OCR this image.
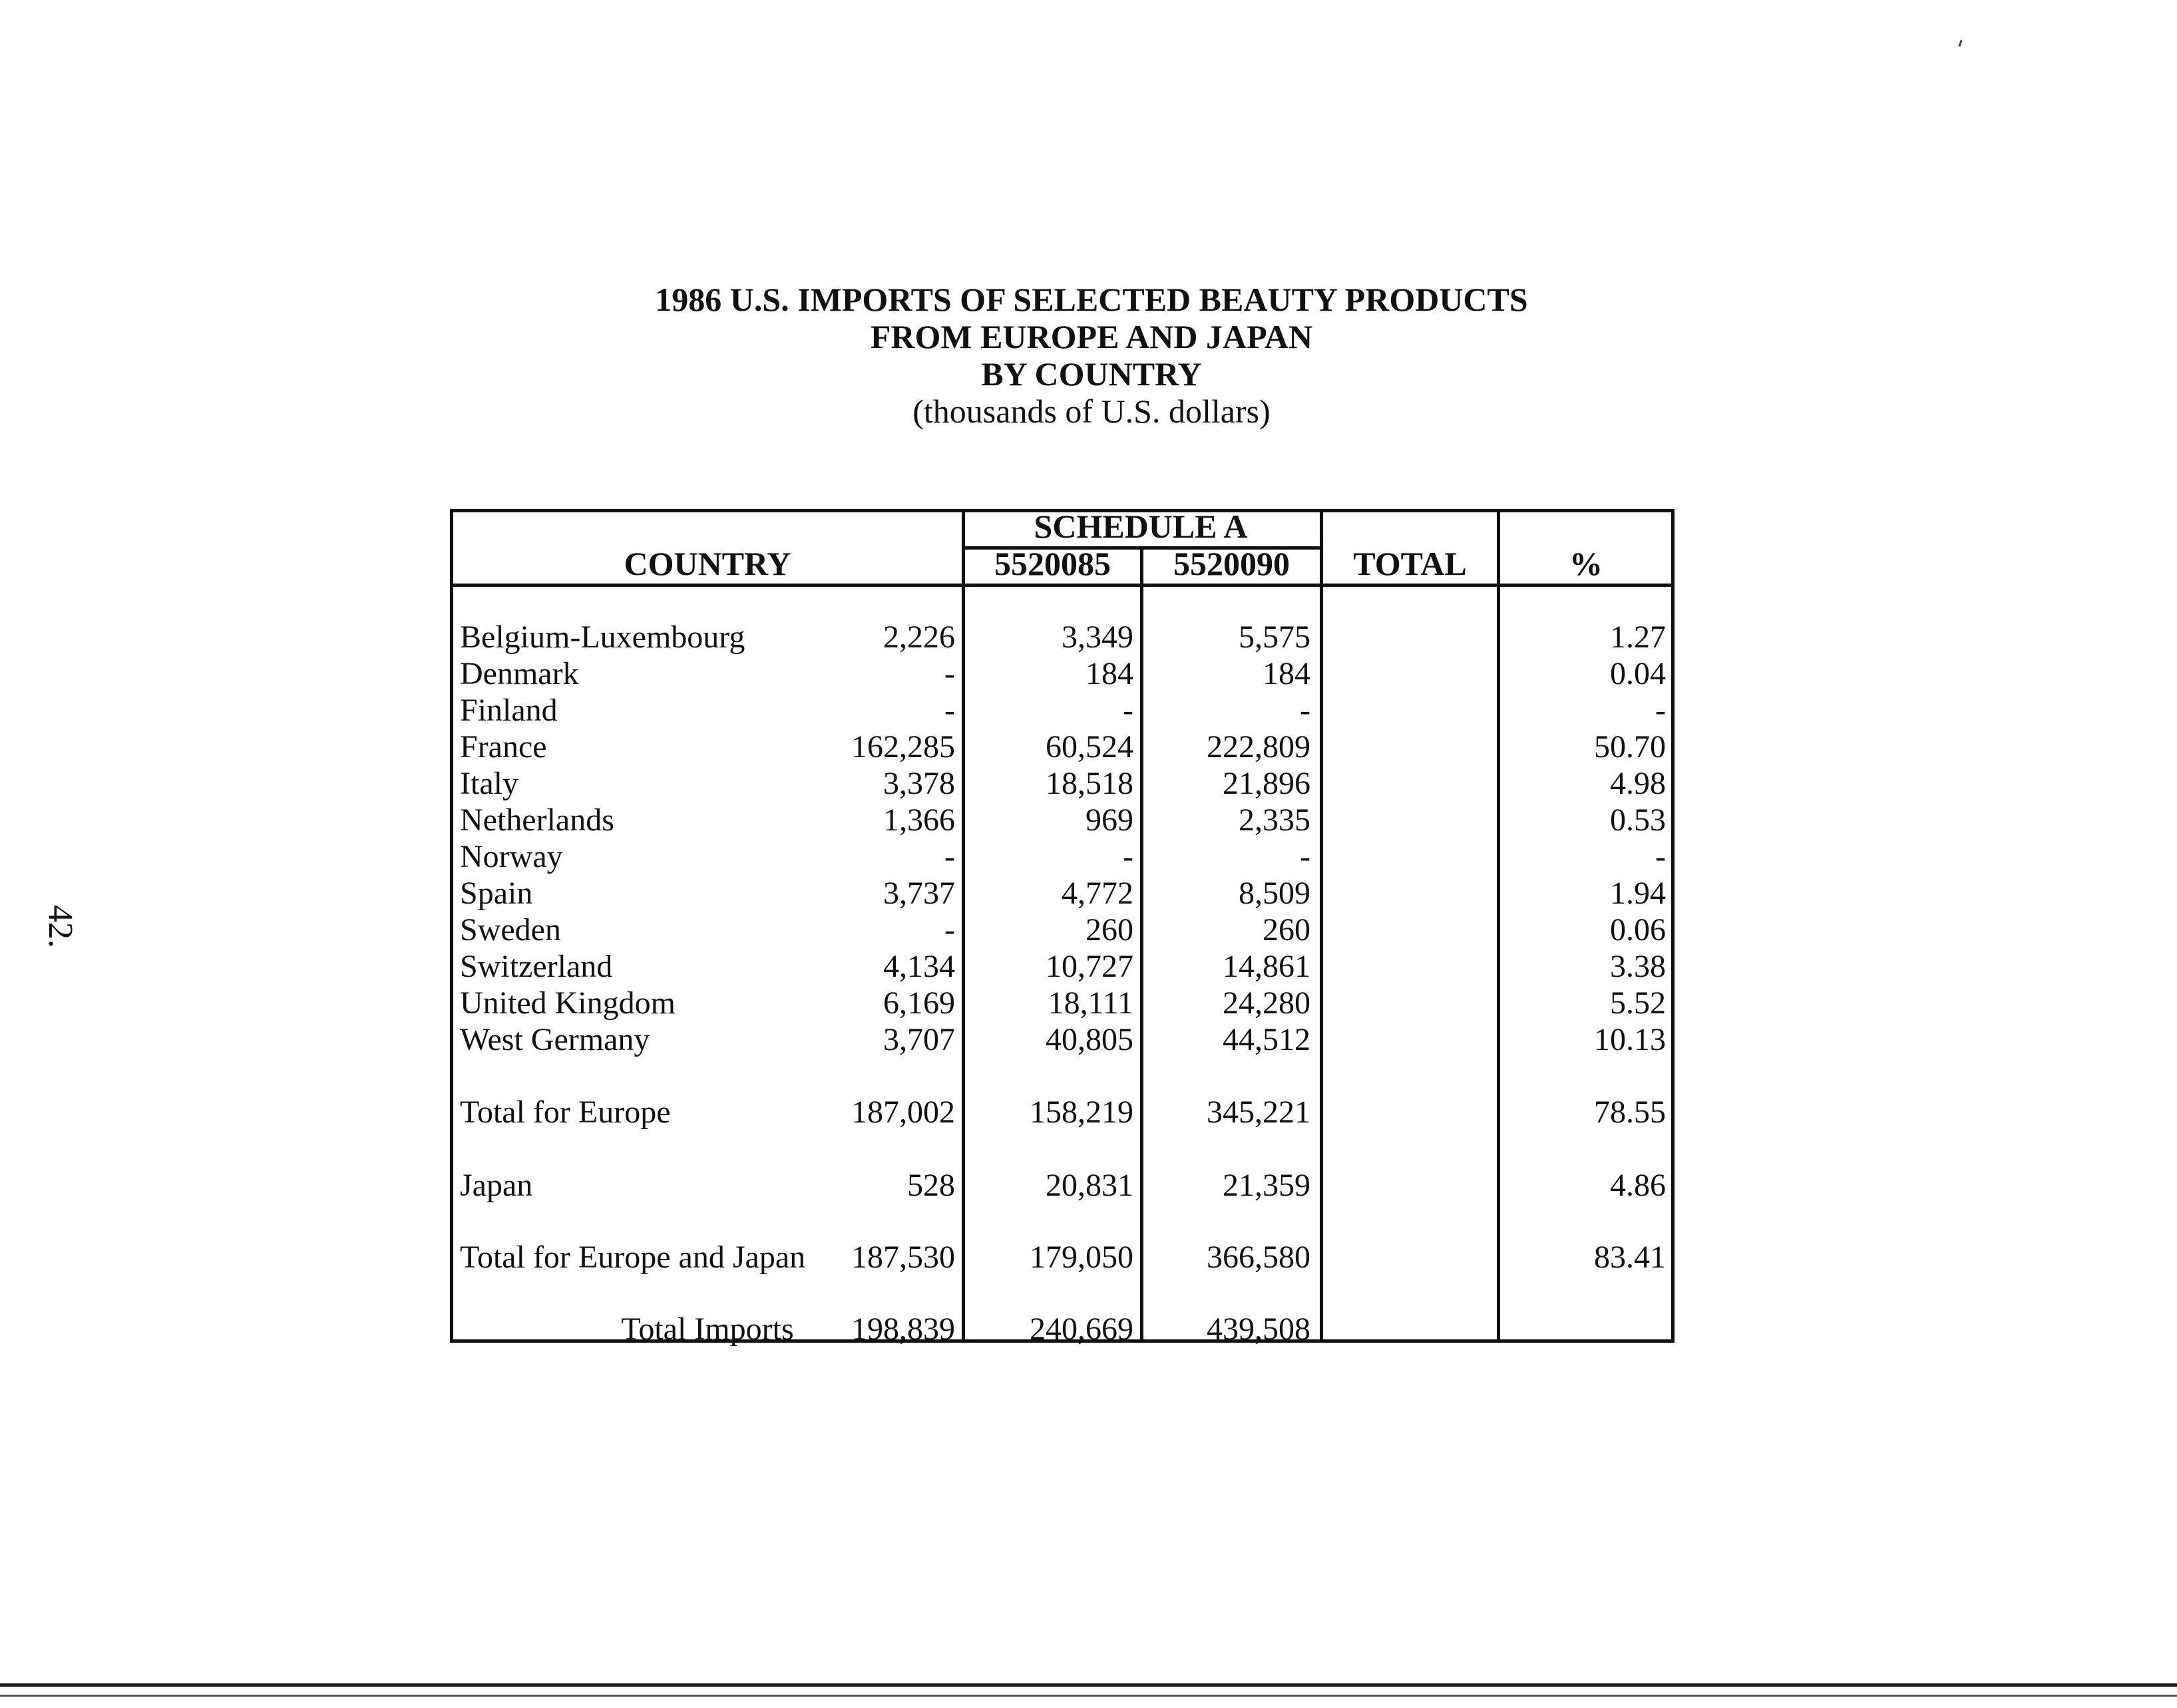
42.
1986 U.S. IMPORTS OF SELECTED BEAUTY PRODUCTS
FROM EUROPE AND JAPAN
BY COUNTRY
(thousands of U.S. dollars)
SCHEDULE A
COUNTRY	5520085	5520090	TOTAL	%
Belgium-Luxembourg	2,226	3,349	5,575	1.27
Denmark	-	184	184	0.04
Finland	-	-	-	-
France	162,285	60,524 222,809	50.70
Italy	3,378	18,518	21,896	4.98
Netherlands	1,366	969	2,335	0.53
Norway	-	-	-	-
Spain	3,737	4,772	8,509	1.94
Sweden	-	260	260	0.06
Switzerland	4,134	10,727	14,861	3.38
United Kingdom	6,169	18,111	24,280	5.52
West Germany	3,707	40,805	44,512	10.13
Total for Europe	187,002 158,219 345,221	78.55
Japan	528	20,831	21,359	4.86
Total for Europe and Japan 187,530 179,050 366,580	83.41
Total Imports	198,839 240,669 439,508
